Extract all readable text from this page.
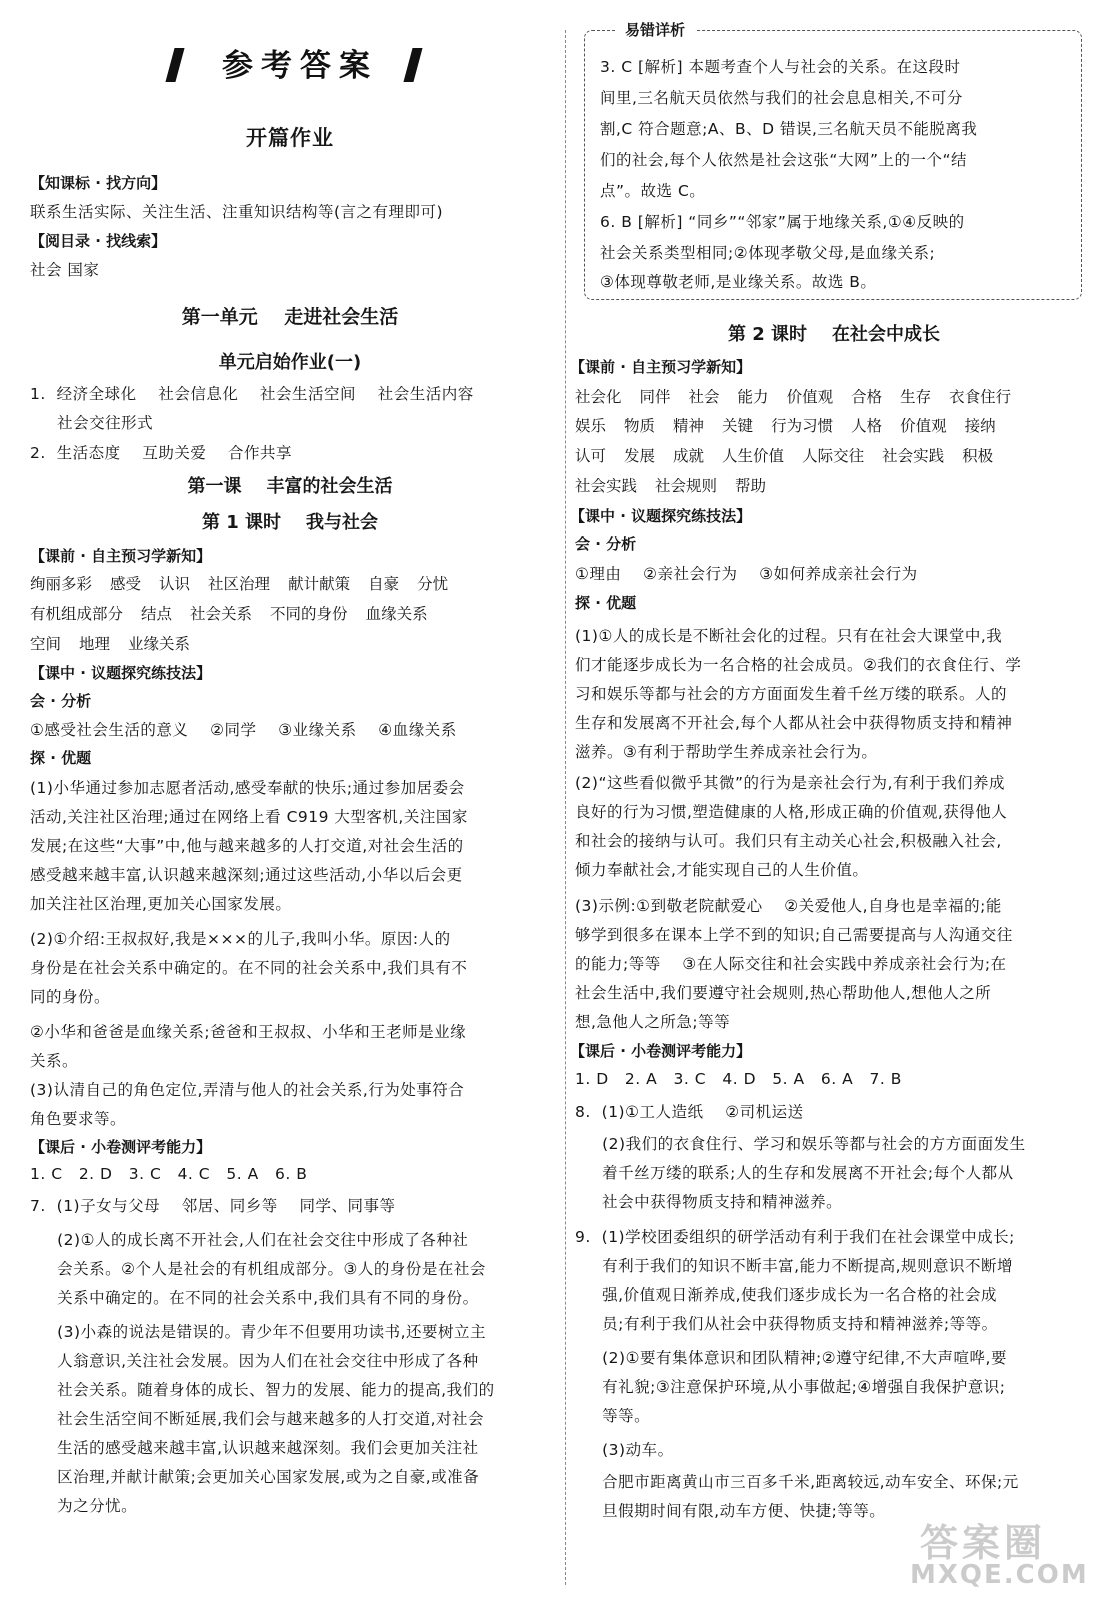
参考答案
开篇作业
【知课标 · 找方向】
联系生活实际、关注生活、注重知识结构等(言之有理即可)
【阅目录 · 找线索】
社会 国家
第一单元    走进社会生活
单元启始作业(一)
1.  经济全球化    社会信息化    社会生活空间    社会生活内容
社会交往形式
2.  生活态度    互助关爱    合作共享
第一课    丰富的社会生活
第 1 课时    我与社会
【课前 · 自主预习学新知】
绚丽多彩 感受 认识 社区治理 献计献策 自豪 分忧
有机组成部分 结点 社会关系 不同的身份 血缘关系
空间 地理 业缘关系
【课中 · 议题探究练技法】
会 · 分析
①感受社会生活的意义    ②同学    ③业缘关系    ④血缘关系
探 · 优题
(1)小华通过参加志愿者活动,感受奉献的快乐;通过参加居委会
活动,关注社区治理;通过在网络上看 C919 大型客机,关注国家
发展;在这些“大事”中,他与越来越多的人打交道,对社会生活的
感受越来越丰富,认识越来越深刻;通过这些活动,小华以后会更
加关注社区治理,更加关心国家发展。
(2)①介绍:王叔叔好,我是×××的儿子,我叫小华。原因:人的
身份是在社会关系中确定的。在不同的社会关系中,我们具有不
同的身份。
②小华和爸爸是血缘关系;爸爸和王叔叔、小华和王老师是业缘
关系。
(3)认清自己的角色定位,弄清与他人的社会关系,行为处事符合
角色要求等。
【课后 · 小卷测评考能力】
1. C   2. D   3. C   4. C   5. A   6. B
7.  (1)子女与父母    邻居、同乡等    同学、同事等
(2)①人的成长离不开社会,人们在社会交往中形成了各种社
会关系。②个人是社会的有机组成部分。③人的身份是在社会
关系中确定的。在不同的社会关系中,我们具有不同的身份。
(3)小森的说法是错误的。青少年不但要用功读书,还要树立主
人翁意识,关注社会发展。因为人们在社会交往中形成了各种
社会关系。随着身体的成长、智力的发展、能力的提高,我们的
社会生活空间不断延展,我们会与越来越多的人打交道,对社会
生活的感受越来越丰富,认识越来越深刻。我们会更加关注社
区治理,并献计献策;会更加关心国家发展,或为之自豪,或准备
为之分忧。
易错详析
3. C [解析] 本题考查个人与社会的关系。在这段时
间里,三名航天员依然与我们的社会息息相关,不可分
割,C 符合题意;A、B、D 错误,三名航天员不能脱离我
们的社会,每个人依然是社会这张“大网”上的一个“结
点”。故选 C。
6. B [解析] “同乡”“邻家”属于地缘关系,①④反映的
社会关系类型相同;②体现孝敬父母,是血缘关系;
③体现尊敬老师,是业缘关系。故选 B。
第 2 课时    在社会中成长
【课前 · 自主预习学新知】
社会化 同伴 社会 能力 价值观 合格 生存 衣食住行
娱乐 物质 精神 关键 行为习惯 人格 价值观 接纳
认可 发展 成就 人生价值 人际交往 社会实践 积极
社会实践 社会规则 帮助
【课中 · 议题探究练技法】
会 · 分析
①理由    ②亲社会行为    ③如何养成亲社会行为
探 · 优题
(1)①人的成长是不断社会化的过程。只有在社会大课堂中,我
们才能逐步成长为一名合格的社会成员。②我们的衣食住行、学
习和娱乐等都与社会的方方面面发生着千丝万缕的联系。人的
生存和发展离不开社会,每个人都从社会中获得物质支持和精神
滋养。③有利于帮助学生养成亲社会行为。
(2)“这些看似微乎其微”的行为是亲社会行为,有利于我们养成
良好的行为习惯,塑造健康的人格,形成正确的价值观,获得他人
和社会的接纳与认可。我们只有主动关心社会,积极融入社会,
倾力奉献社会,才能实现自己的人生价值。
(3)示例:①到敬老院献爱心    ②关爱他人,自身也是幸福的;能
够学到很多在课本上学不到的知识;自己需要提高与人沟通交往
的能力;等等    ③在人际交往和社会实践中养成亲社会行为;在
社会生活中,我们要遵守社会规则,热心帮助他人,想他人之所
想,急他人之所急;等等
【课后 · 小卷测评考能力】
1. D   2. A   3. C   4. D   5. A   6. A   7. B
8.  (1)①工人造纸    ②司机运送
(2)我们的衣食住行、学习和娱乐等都与社会的方方面面发生
着千丝万缕的联系;人的生存和发展离不开社会;每个人都从
社会中获得物质支持和精神滋养。
9.  (1)学校团委组织的研学活动有利于我们在社会课堂中成长;
有利于我们的知识不断丰富,能力不断提高,规则意识不断增
强,价值观日渐养成,使我们逐步成长为一名合格的社会成
员;有利于我们从社会中获得物质支持和精神滋养;等等。
(2)①要有集体意识和团队精神;②遵守纪律,不大声喧哗,要
有礼貌;③注意保护环境,从小事做起;④增强自我保护意识;
等等。
(3)动车。
合肥市距离黄山市三百多千米,距离较远,动车安全、环保;元
旦假期时间有限,动车方便、快捷;等等。
答案圈
MXQE.COM
